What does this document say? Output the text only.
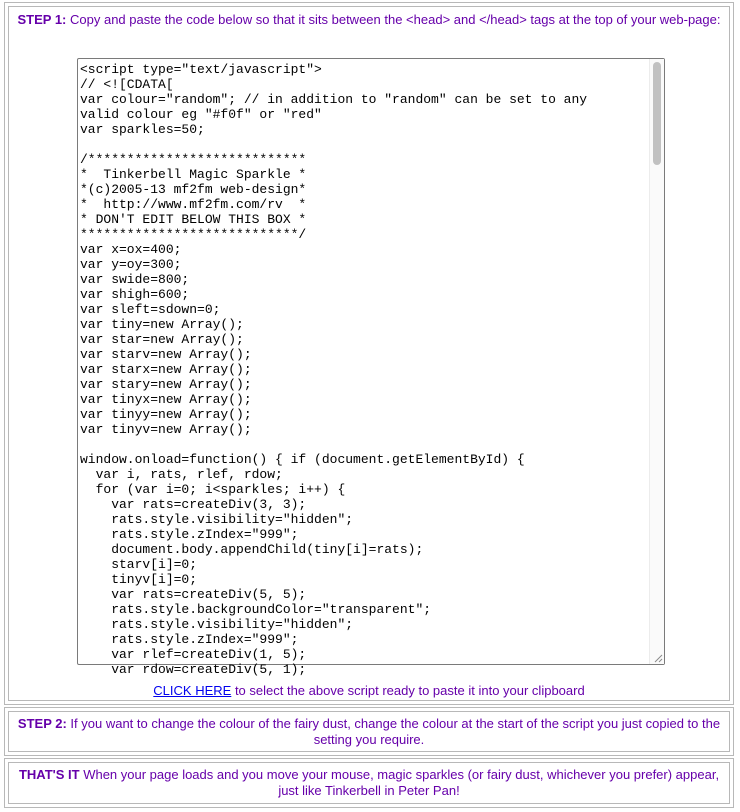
STEP 1: Copy and paste the code below so that it sits between the <head> and </head> tags at the top of your web-page:
<script type="text/javascript">
// <![CDATA[
var colour="random"; // in addition to "random" can be set to any
valid colour eg "#f0f" or "red"
var sparkles=50;

/****************************
*  Tinkerbell Magic Sparkle *
*(c)2005-13 mf2fm web-design*
*  http://www.mf2fm.com/rv  *
* DON'T EDIT BELOW THIS BOX *
****************************/
var x=ox=400;
var y=oy=300;
var swide=800;
var shigh=600;
var sleft=sdown=0;
var tiny=new Array();
var star=new Array();
var starv=new Array();
var starx=new Array();
var stary=new Array();
var tinyx=new Array();
var tinyy=new Array();
var tinyv=new Array();

window.onload=function() { if (document.getElementById) {
var i, rats, rlef, rdow;
for (var i=0; i<sparkles; i++) {
var rats=createDiv(3, 3);
rats.style.visibility="hidden";
rats.style.zIndex="999";
document.body.appendChild(tiny[i]=rats);
starv[i]=0;
tinyv[i]=0;
var rats=createDiv(5, 5);
rats.style.backgroundColor="transparent";
rats.style.visibility="hidden";
rats.style.zIndex="999";
var rlef=createDiv(1, 5);
var rdow=createDiv(5, 1);
CLICK HERE to select the above script ready to paste it into your clipboard
STEP 2: If you want to change the colour of the fairy dust, change the colour at the start of the script you just copied to the setting you require.
THAT'S IT When your page loads and you move your mouse, magic sparkles (or fairy dust, whichever you prefer) appear, just like Tinkerbell in Peter Pan!
